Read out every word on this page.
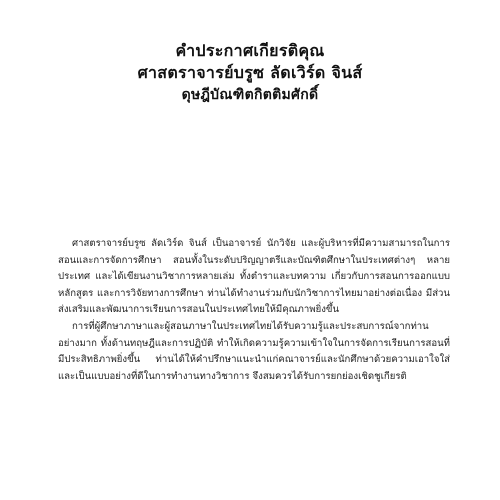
คำประกาศเกียรติคุณ
ศาสตราจารย์บรูซ ลัดเวิร์ด จินส์
ดุษฎีบัณฑิตกิตติมศักดิ์

ศาสตราจารย์บรูซ ลัดเวิร์ด จินส์ เป็นอาจารย์ นักวิจัย และผู้บริหารที่มีความสามารถในการสอนและการจัดการศึกษา สอนทั้งในระดับปริญญาตรีและบัณฑิตศึกษาในประเทศต่างๆ หลายประเทศ และได้เขียนงานวิชาการหลายเล่ม ทั้งตำราและบทความ เกี่ยวกับการสอนการออกแบบหลักสูตร และการวิจัยทางการศึกษา ท่านได้ทำงานร่วมกับนักวิชาการไทยมาอย่างต่อเนื่อง มีส่วนส่งเสริมและพัฒนาการเรียนการสอนในประเทศไทยให้มีคุณภาพยิ่งขึ้น

การที่ผู้ศึกษาภาษาและผู้สอนภาษาในประเทศไทยได้รับความรู้และประสบการณ์จากท่านอย่างมาก ทั้งด้านทฤษฎีและการปฏิบัติ ทำให้เกิดความรู้ความเข้าใจในการจัดการเรียนการสอนที่มีประสิทธิภาพยิ่งขึ้น ท่านได้ให้คำปรึกษาแนะนำแก่คณาจารย์และนักศึกษาด้วยความเอาใจใส่ และเป็นแบบอย่างที่ดีในการทำงานทางวิชาการ จึงสมควรได้รับการยกย่องเชิดชูเกียรติ
